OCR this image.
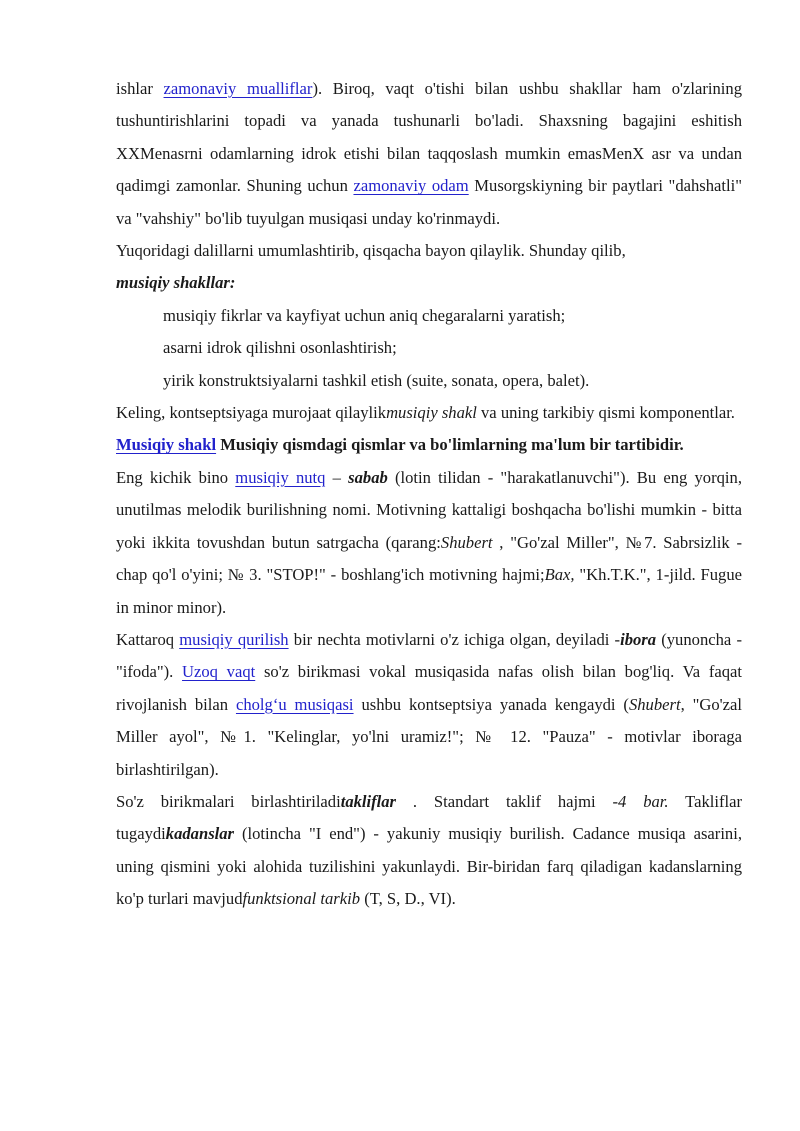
ishlar zamonaviy mualliflar). Biroq, vaqt o'tishi bilan ushbu shakllar ham o'zlarining tushuntirishlarini topadi va yanada tushunarli bo'ladi. Shaxsning bagajini eshitish XXMenasrni odamlarning idrok etishi bilan taqqoslash mumkin emasMenX asr va undan qadimgi zamonlar. Shuning uchun zamonaviy odam Musorgskiyning bir paytlari "dahshatli" va "vahshiy" bo'lib tuyulgan musiqasi unday ko'rinmaydi.

Yuqoridagi dalillarni umumlashtirib, qisqacha bayon qilaylik. Shunday qilib,

musiqiy shakllar:

musiqiy fikrlar va kayfiyat uchun aniq chegaralarni yaratish;

asarni idrok qilishni osonlashtirish;

yirik konstruktsiyalarni tashkil etish (suite, sonata, opera, balet).

Keling, kontseptsiyaga murojaat qilaylikmusiqiy shakl va uning tarkibiy qismi komponentlar.

Musiqiy shakl Musiqiy qismdagi qismlar va bo'limlarning ma'lum bir tartibidir.

Eng kichik bino musiqiy nutq – sabab (lotin tilidan - "harakatlanuvchi"). Bu eng yorqin, unutilmas melodik burilishning nomi. Motivning kattaligi boshqacha bo'lishi mumkin - bitta yoki ikkita tovushdan butun satrgacha (qarang:Shubert , "Go'zal Miller", №7. Sabrsizlik - chap qo'l o'yini; № 3. "STOP!" - boshlang'ich motivning hajmi;Bax, "Kh.T.K.", 1-jild. Fugue in minor minor).

Kattaroq musiqiy qurilish bir nechta motivlarni o'z ichiga olgan, deyiladi -ibora (yunoncha - "ifoda"). Uzoq vaqt so'z birikmasi vokal musiqasida nafas olish bilan bog'liq. Va faqat rivojlanish bilan cholg‘u musiqasi ushbu kontseptsiya yanada kengaydi (Shubert, "Go'zal Miller ayol", №1. "Kelinglar, yo'lni uramiz!"; № 12. "Pauza" - motivlar iboraga birlashtirilgan).

So'z birikmalari birlashtiriladitakliflar . Standart taklif hajmi -4 bar. Takliflar tugaydikadanslar (lotincha "I end") - yakuniy musiqiy burilish. Cadance musiqa asarini, uning qismini yoki alohida tuzilishini yakunlaydi. Bir-biridan farq qiladigan kadanslarning ko'p turlari mavjudfunktsional tarkib (T, S, D., VI).
